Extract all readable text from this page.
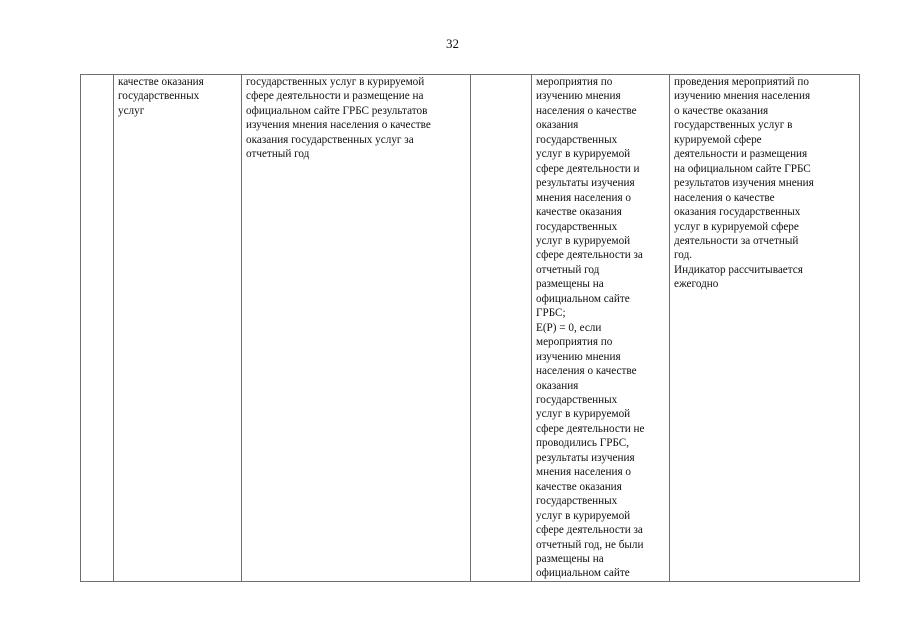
32
	качестве оказания
государственных
услуг	государственных услуг в курируемой
сфере деятельности и размещение на
официальном сайте ГРБС результатов
изучения мнения населения о качестве
оказания государственных услуг за
отчетный год		мероприятия по
изучению мнения
населения о качестве
оказания
государственных
услуг в курируемой
сфере деятельности и
результаты изучения
мнения населения о
качестве оказания
государственных
услуг в курируемой
сфере деятельности за
отчетный год
размещены на
официальном сайте
ГРБС;
E(P) = 0, если
мероприятия по
изучению мнения
населения о качестве
оказания
государственных
услуг в курируемой
сфере деятельности не
проводились ГРБС,
результаты изучения
мнения населения о
качестве оказания
государственных
услуг в курируемой
сфере деятельности за
отчетный год, не были
размещены на
официальном сайте	проведения мероприятий по
изучению мнения населения
о качестве оказания
государственных услуг в
курируемой сфере
деятельности и размещения
на официальном сайте ГРБС
результатов изучения мнения
населения о качестве
оказания государственных
услуг в курируемой сфере
деятельности за отчетный
год.
Индикатор рассчитывается
ежегодно
